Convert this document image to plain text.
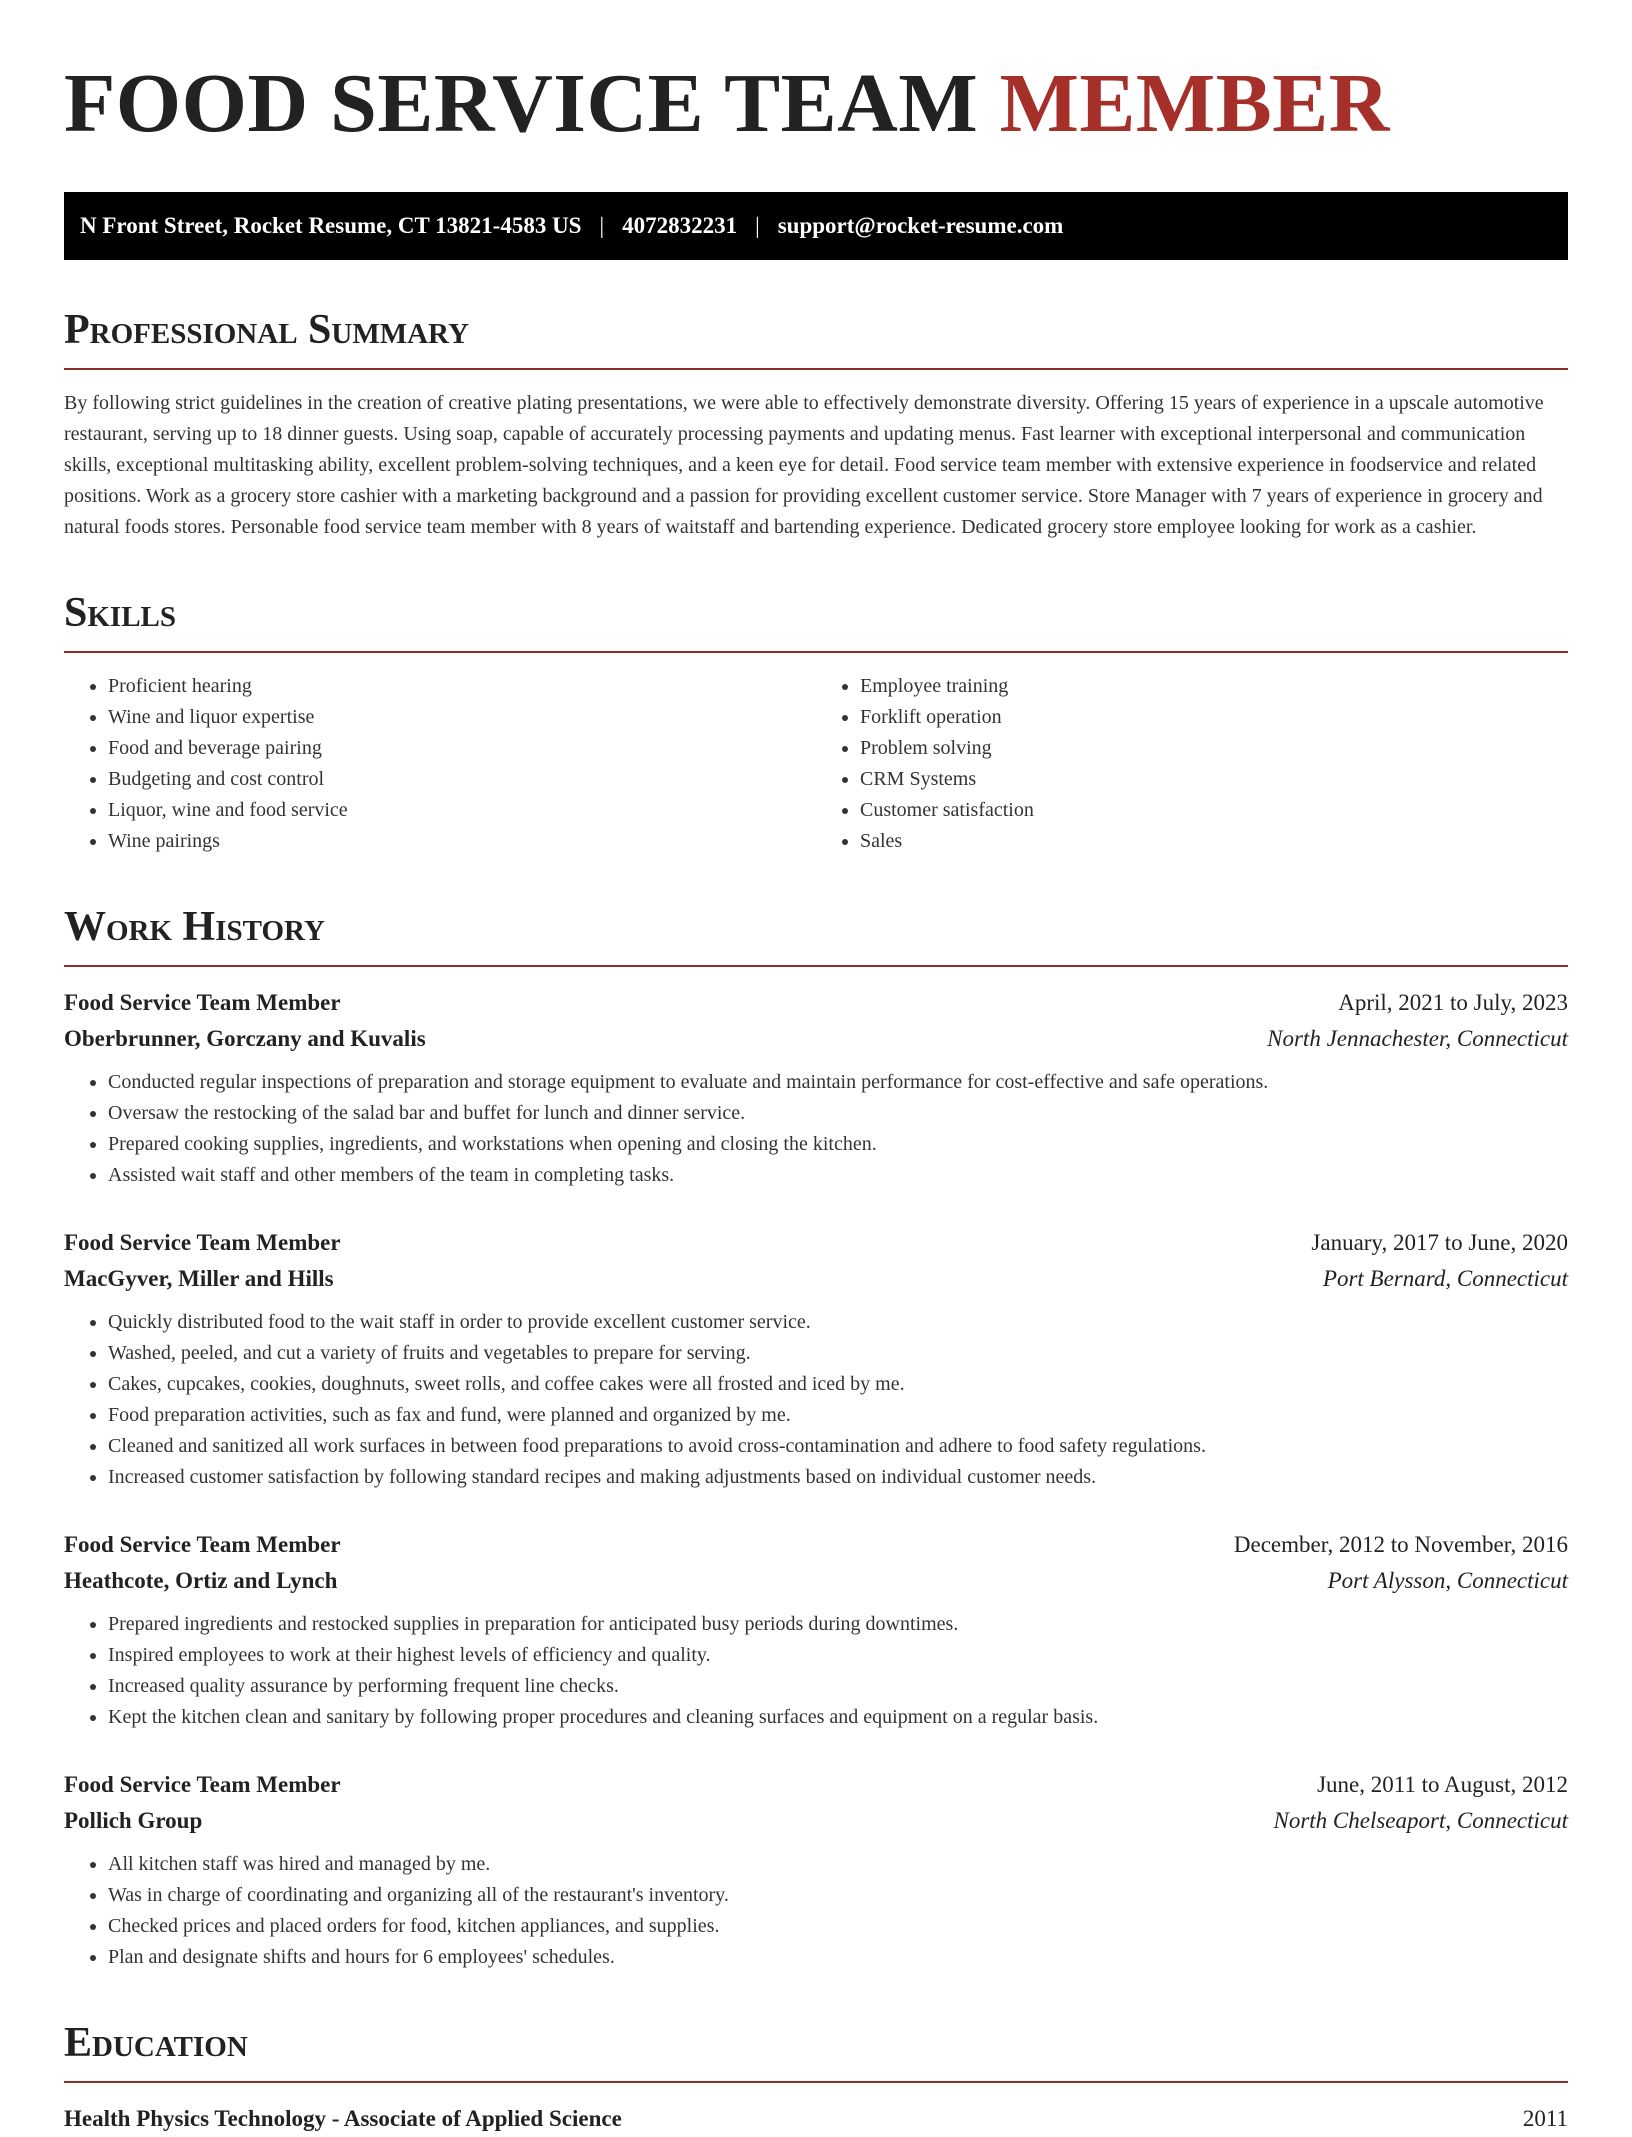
FOOD SERVICE TEAM MEMBER
N Front Street, Rocket Resume, CT 13821-4583 US | 4072832231 | support@rocket-resume.com
Professional Summary

By following strict guidelines in the creation of creative plating presentations, we were able to effectively demonstrate diversity. Offering 15 years of experience in a upscale automotive restaurant, serving up to 18 dinner guests. Using soap, capable of accurately processing payments and updating menus. Fast learner with exceptional interpersonal and communication skills, exceptional multitasking ability, excellent problem-solving techniques, and a keen eye for detail. Food service team member with extensive experience in foodservice and related positions. Work as a grocery store cashier with a marketing background and a passion for providing excellent customer service. Store Manager with 7 years of experience in grocery and natural foods stores. Personable food service team member with 8 years of waitstaff and bartending experience. Dedicated grocery store employee looking for work as a cashier.

Skills
• Proficient hearing
• Wine and liquor expertise
• Food and beverage pairing
• Budgeting and cost control
• Liquor, wine and food service
• Wine pairings
• Employee training
• Forklift operation
• Problem solving
• CRM Systems
• Customer satisfaction
• Sales
Work History
Food Service Team Member	April, 2021 to July, 2023
Oberbrunner, Gorczany and Kuvalis	North Jennachester, Connecticut
• Conducted regular inspections of preparation and storage equipment to evaluate and maintain performance for cost-effective and safe operations.
• Oversaw the restocking of the salad bar and buffet for lunch and dinner service.
• Prepared cooking supplies, ingredients, and workstations when opening and closing the kitchen.
• Assisted wait staff and other members of the team in completing tasks.
Food Service Team Member	January, 2017 to June, 2020
MacGyver, Miller and Hills	Port Bernard, Connecticut
• Quickly distributed food to the wait staff in order to provide excellent customer service.
• Washed, peeled, and cut a variety of fruits and vegetables to prepare for serving.
• Cakes, cupcakes, cookies, doughnuts, sweet rolls, and coffee cakes were all frosted and iced by me.
• Food preparation activities, such as fax and fund, were planned and organized by me.
• Cleaned and sanitized all work surfaces in between food preparations to avoid cross-contamination and adhere to food safety regulations.
• Increased customer satisfaction by following standard recipes and making adjustments based on individual customer needs.
Food Service Team Member	December, 2012 to November, 2016
Heathcote, Ortiz and Lynch	Port Alysson, Connecticut
• Prepared ingredients and restocked supplies in preparation for anticipated busy periods during downtimes.
• Inspired employees to work at their highest levels of efficiency and quality.
• Increased quality assurance by performing frequent line checks.
• Kept the kitchen clean and sanitary by following proper procedures and cleaning surfaces and equipment on a regular basis.
Food Service Team Member	June, 2011 to August, 2012
Pollich Group	North Chelseaport, Connecticut
• All kitchen staff was hired and managed by me.
• Was in charge of coordinating and organizing all of the restaurant's inventory.
• Checked prices and placed orders for food, kitchen appliances, and supplies.
• Plan and designate shifts and hours for 6 employees' schedules.
Education
Health Physics Technology - Associate of Applied Science	2011
